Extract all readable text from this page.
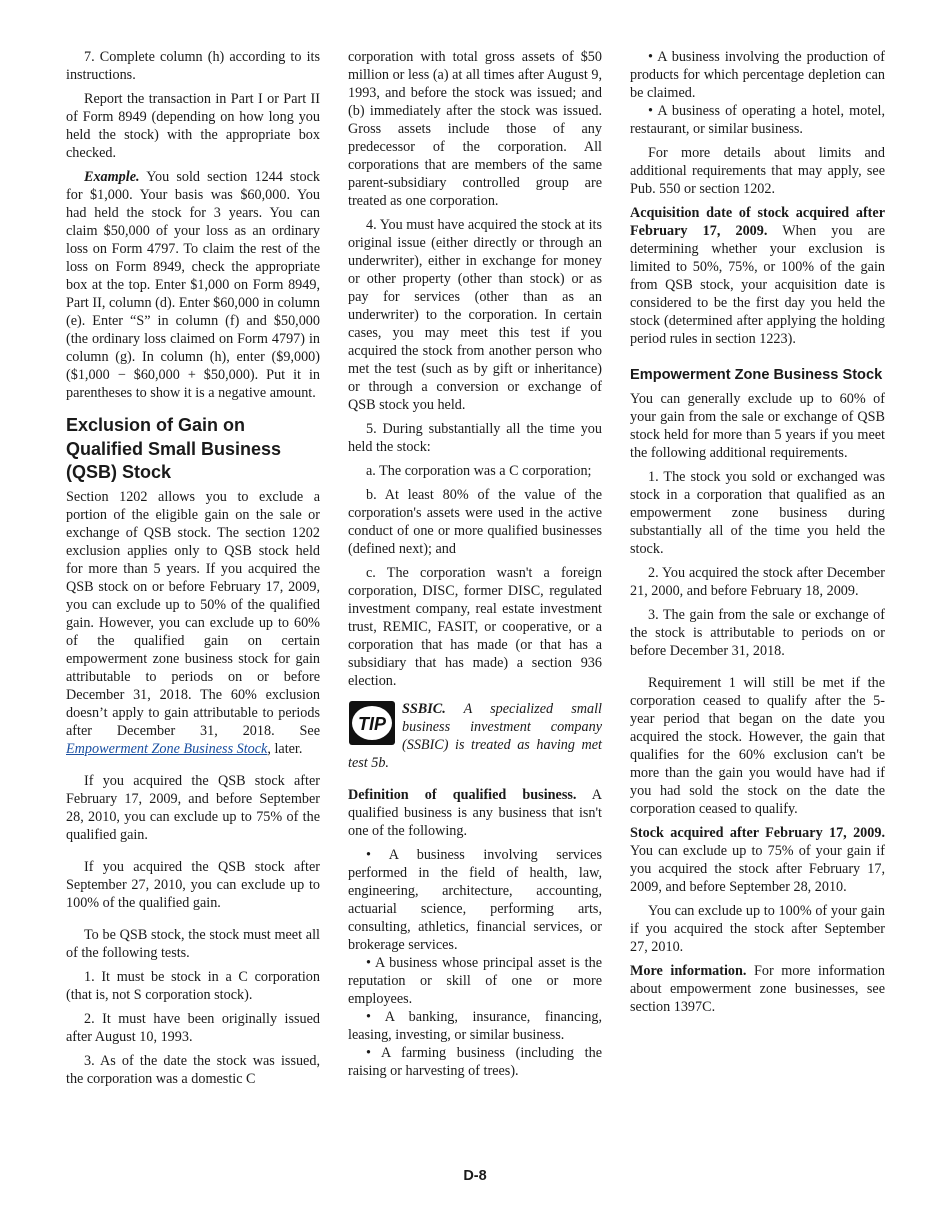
7. Complete column (h) according to its instructions.

Report the transaction in Part I or Part II of Form 8949 (depending on how long you held the stock) with the appropriate box checked.

Example. You sold section 1244 stock for $1,000. Your basis was $60,000. You had held the stock for 3 years. You can claim $50,000 of your loss as an ordinary loss on Form 4797. To claim the rest of the loss on Form 8949, check the appropriate box at the top. Enter $1,000 on Form 8949, Part II, column (d). Enter $60,000 in column (e). Enter “S” in column (f) and $50,000 (the ordinary loss claimed on Form 4797) in column (g). In column (h), enter ($9,000) ($1,000 − $60,000 + $50,000). Put it in parentheses to show it is a negative amount.

Exclusion of Gain on Qualified Small Business (QSB) Stock

Section 1202 allows you to exclude a portion of the eligible gain on the sale or exchange of QSB stock. The section 1202 exclusion applies only to QSB stock held for more than 5 years. If you acquired the QSB stock on or before February 17, 2009, you can exclude up to 50% of the qualified gain. However, you can exclude up to 60% of the qualified gain on certain empowerment zone business stock for gain attributable to periods on or before December 31, 2018. The 60% exclusion doesn’t apply to gain attributable to periods after December 31, 2018. See Empowerment Zone Business Stock, later.

If you acquired the QSB stock after February 17, 2009, and before September 28, 2010, you can exclude up to 75% of the qualified gain.

If you acquired the QSB stock after September 27, 2010, you can exclude up to 100% of the qualified gain.

To be QSB stock, the stock must meet all of the following tests.

1. It must be stock in a C corporation (that is, not S corporation stock).

2. It must have been originally issued after August 10, 1993.

3. As of the date the stock was issued, the corporation was a domestic C

corporation with total gross assets of $50 million or less (a) at all times after August 9, 1993, and before the stock was issued; and (b) immediately after the stock was issued. Gross assets include those of any predecessor of the corporation. All corporations that are members of the same parent-subsidiary controlled group are treated as one corporation.

4. You must have acquired the stock at its original issue (either directly or through an underwriter), either in exchange for money or other property (other than stock) or as pay for services (other than as an underwriter) to the corporation. In certain cases, you may meet this test if you acquired the stock from another person who met the test (such as by gift or inheritance) or through a conversion or exchange of QSB stock you held.

5. During substantially all the time you held the stock:

a. The corporation was a C corporation;

b. At least 80% of the value of the corporation's assets were used in the active conduct of one or more qualified businesses (defined next); and

c. The corporation wasn't a foreign corporation, DISC, former DISC, regulated investment company, real estate investment trust, REMIC, FASIT, or cooperative, or a corporation that has made (or that has a subsidiary that has made) a section 936 election.

TIP
SSBIC. A specialized small business investment company (SSBIC) is treated as having met test 5b.

Definition of qualified business. A qualified business is any business that isn't one of the following.

• A business involving services performed in the field of health, law, engineering, architecture, accounting, actuarial science, performing arts, consulting, athletics, financial services, or brokerage services.

• A business whose principal asset is the reputation or skill of one or more employees.

• A banking, insurance, financing, leasing, investing, or similar business.

• A farming business (including the raising or harvesting of trees).

• A business involving the production of products for which percentage depletion can be claimed.

• A business of operating a hotel, motel, restaurant, or similar business.

For more details about limits and additional requirements that may apply, see Pub. 550 or section 1202.

Acquisition date of stock acquired after February 17, 2009. When you are determining whether your exclusion is limited to 50%, 75%, or 100% of the gain from QSB stock, your acquisition date is considered to be the first day you held the stock (determined after applying the holding period rules in section 1223).

Empowerment Zone Business Stock

You can generally exclude up to 60% of your gain from the sale or exchange of QSB stock held for more than 5 years if you meet the following additional requirements.

1. The stock you sold or exchanged was stock in a corporation that qualified as an empowerment zone business during substantially all of the time you held the stock.

2. You acquired the stock after December 21, 2000, and before February 18, 2009.

3. The gain from the sale or exchange of the stock is attributable to periods on or before December 31, 2018.

Requirement 1 will still be met if the corporation ceased to qualify after the 5-year period that began on the date you acquired the stock. However, the gain that qualifies for the 60% exclusion can't be more than the gain you would have had if you had sold the stock on the date the corporation ceased to qualify.

Stock acquired after February 17, 2009. You can exclude up to 75% of your gain if you acquired the stock after February 17, 2009, and before September 28, 2010.

You can exclude up to 100% of your gain if you acquired the stock after September 27, 2010.

More information. For more information about empowerment zone businesses, see section 1397C.

D-8
